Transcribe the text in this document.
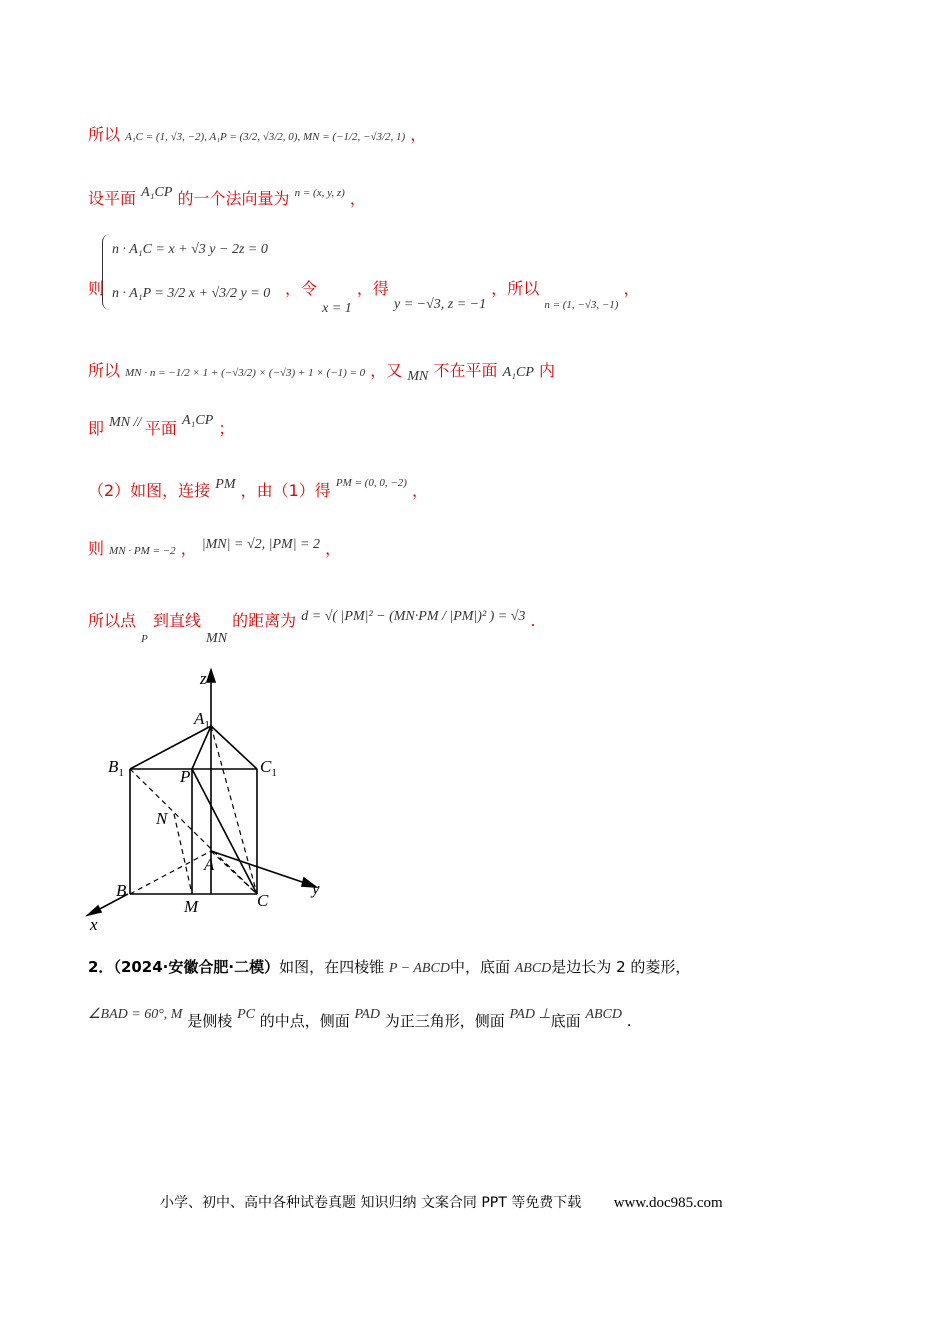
所以 A₁C = (1, √3, −2), A₁P = (3/2, √3/2, 0), MN = (−1/2, −√3/2, 1) ，
设平面 A₁CP 的一个法向量为 $^{n = (x, y, z)}$ ，
n · A₁C = x + √3 y − 2z = 0
n · A₁P = 3/2 x + √3/2 y = 0
则	，令 x = 1 ，得 y = −√3, z = −1 ，所以 $_{n = (1, -√3, -1)}$ ，
所以 MN · n = −1/2 × 1 + (−√3/2) × (−√3) + 1 × (−1) = 0 ，又 MN 不在平面 A₁CP 内
即 MN // 平面 A₁CP ；
（2）如图，连接 PM ，由（1）得 $^{PM = (0, 0, -2)}$ ，
则 MN · PM = −2 ， |MN| = √2, |PM| = 2 ，
所以点 $_P$ 到直线 MN 的距离为 d = √( |PM|² − (MN·PM / |PM|)² ) = √3 .
z
$A_1$
$B_1$	P
$C_1$
N
A
B
M	C
y
x
2．（2024·安徽合肥·二模）如图，在四棱锥 P − ABCD中，底面 ABCD是边长为 2 的菱形，
∠BAD = 60°, M 是侧棱 PC 的中点，侧面 PAD 为正三角形，侧面 PAD ⊥底面 ABCD .
小学、初中、高中各种试卷真题 知识归纳 文案合同 PPT 等免费下载 www.doc985.com
